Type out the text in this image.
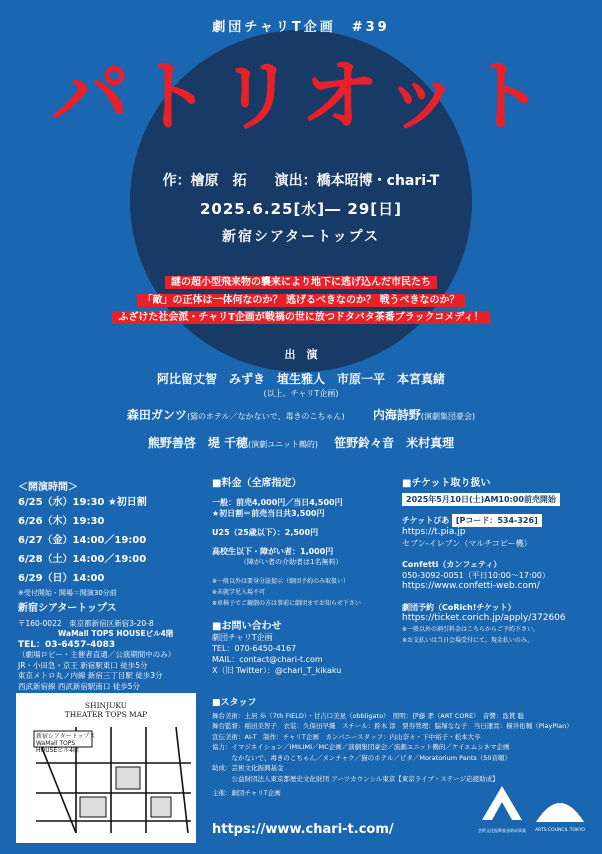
劇団チャリT企画　#39
パトリオット
作：檜原　拓　　演出：橋本昭博・chari-T
2025.6.25[水]― 29[日]
新宿シアタートップス
謎の超小型飛来物の襲来により地下に逃げ込んだ市民たち
「敵」の正体は一体何なのか？ 逃げるべきなのか？ 戦うべきなのか？
ふざけた社会派・チャリT企画が戦禍の世に放つドタバタ茶番ブラックコメディ！
出　演
阿比留丈智　みずき　埴生雅人　市原一平　本宮真緒
(以上、チャリT企画)
森田ガンツ(猫のホテル／なかないで、毒きのこちゃん)　　 内海詩野(演劇集団豪会)
熊野善啓　堤 千穂(演劇ユニット鵺的)　 笹野鈴々音　米村真理
＜開演時間＞
6/25（水）19:30 ★初日割
6/26（木）19:30
6/27（金）14:00／19:00
6/28（土）14:00／19:00
6/29（日）14:00
※受付開始・開場＝開演30分前
新宿シアタートップス
〒160-0022　東京都新宿区新宿3-20-8
WaMall TOPS HOUSEビル4階
TEL：03-6457-4083
（劇場ロビー・主催者直通／公演期間中のみ）
JR・小田急・京王 新宿駅東口 徒歩5分
東京メトロ丸ノ内線 新宿三丁目駅 徒歩3分
西武新宿線 西武新宿駅南口 徒歩5分
SHINJUKU
THEATER TOPS MAP
新宿シアタートップス WaMall TOPS HOUSEビル4階
■料金（全席指定）
一般：前売4,000円／当日4,500円
★初日割＝前売当日共3,500円
U25（25歳以下）：2,500円
高校生以下・障がい者：1,000円
（障がい者の介助者は1名無料）
※一般以外は要身分証提示（劇団予約のみ取扱い）
※未就学児入場不可
※車椅子でご観劇の方は事前に劇団までお知らせ下さい
■お問い合わせ
劇団チャリT企画
TEL：070-6450-4167
MAIL：contact@chari-t.com
X（旧 Twitter）：@chari_T_kikaku
■チケット取り扱い
2025年5月10日(土)AM10:00前売開始
チケットぴあ [Pコード：534-326]
https://t.pia.jp
セブン-イレブン（マルチコピー機）
Confetti（カンフェティ）
050-3092-0051（平日10:00〜17:00）
https://www.confetti-web.com/
劇団予約（CoRich!チケット）
https://ticket.corich.jp/apply/372606
※一般以外の割引料金はこちらからご予約下さい。
※お支払いは当日会場受付にて。現金払いのみ。
■スタッフ
舞台美術：土居 歩（7th FIELD）・甘吉口美星（obbligato）　照明：伊藤 孝（ART CORE）　音響：島貫 聡
舞台監督：稲田美智子　衣装：久保田早織　スチール：鈴木 淳　票券管理：脇塚なな子　当日運営：横井佑輔（PlayPlan）
宣伝美術：AI-T　制作：チャリT企画　カンパニースタッフ：内山奈々・下中裕子・松本大卒
協力：イマジネイション／IMILIMI／MC企画／演劇集団豪会／演劇ユニット鵺的／ケイエムシネマ企画
　　　なかないで、毒きのこちゃん／ヌンチャク／猫のホテル／ピタ／Moratorium Pants（50音順）
助成：芸術文化振興基金
　　　公益財団法人東京都歴史文化財団 アーツカウンシル東京【東京ライブ・ステージ応援助成】
主催：劇団チャリT企画
https://www.chari-t.com/	芸術文化振興基金助成事業	ARTS COUNCIL TOKYO
